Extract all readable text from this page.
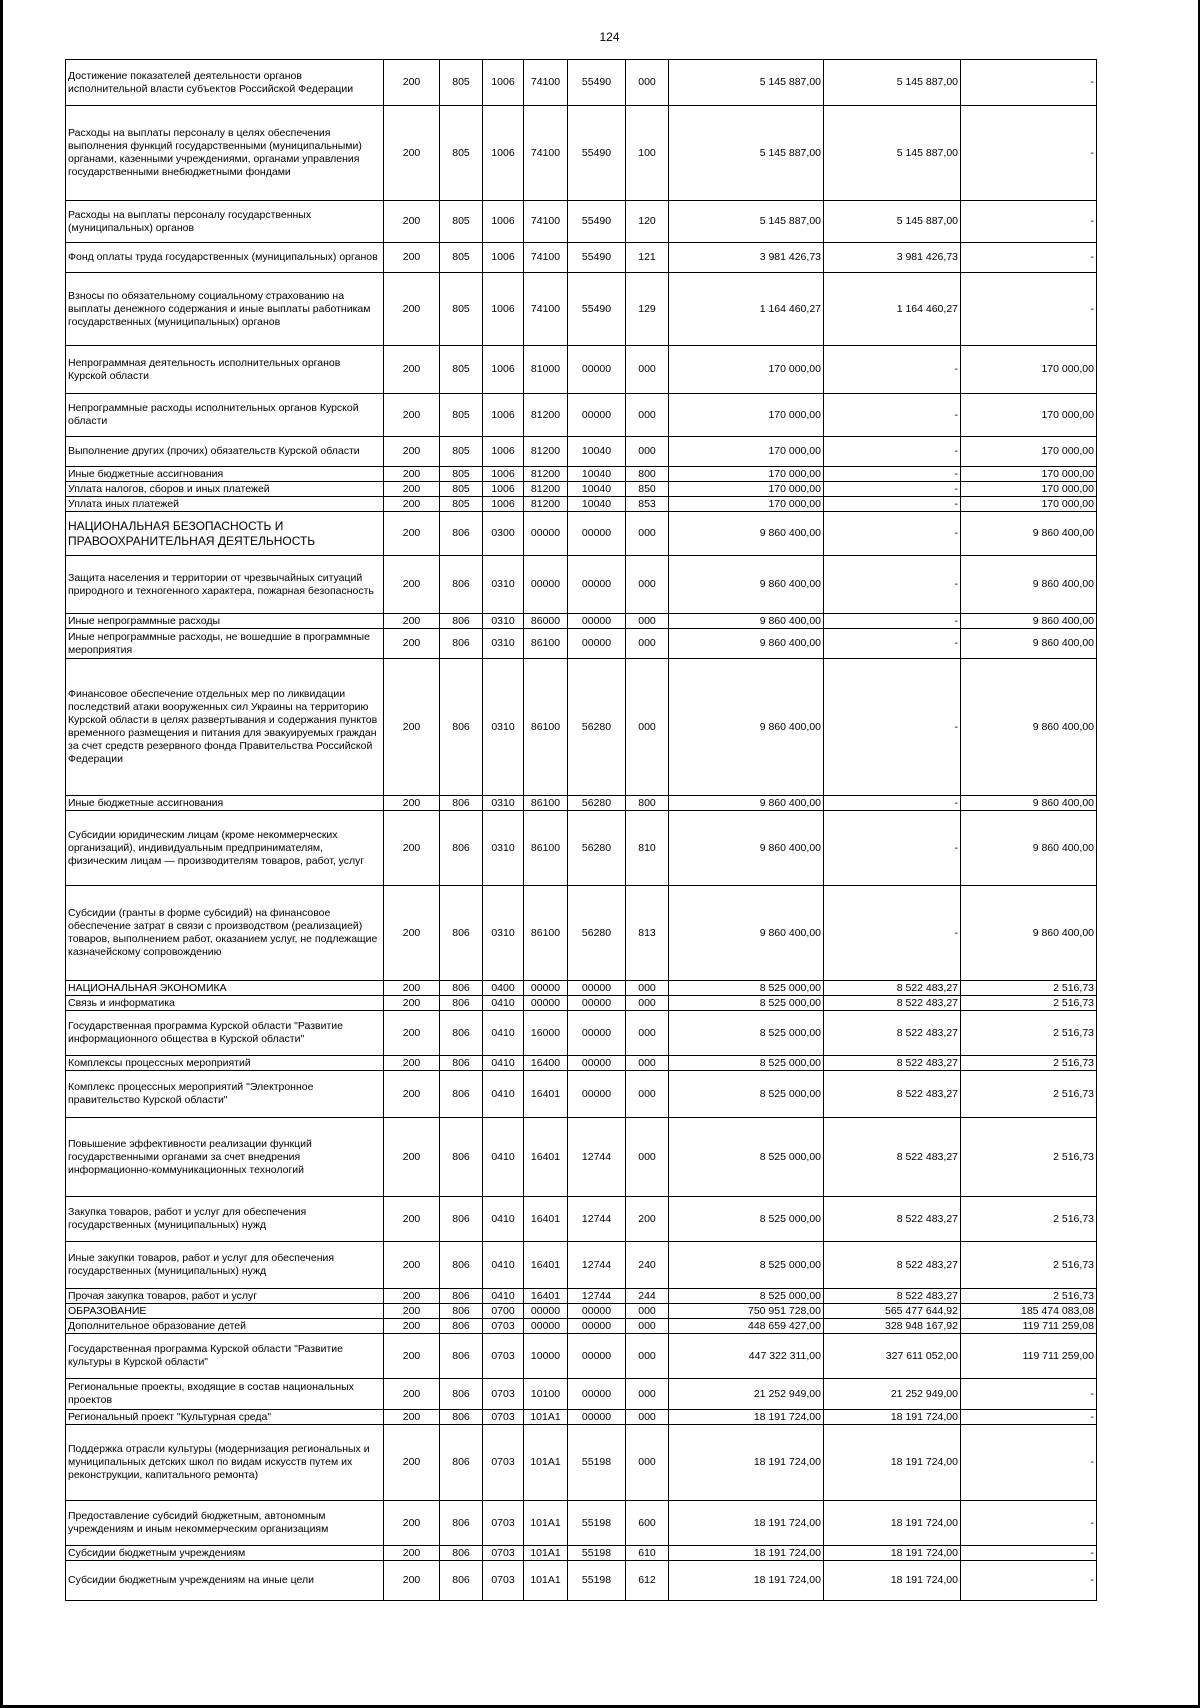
124
Достижение показателей деятельности органов исполнительной власти субъектов Российской Федерации	200	805	1006	74100	55490	000	5 145 887,00	5 145 887,00	-
Расходы на выплаты персоналу в целях обеспечения выполнения функций государственными (муниципальными) органами, казенными учреждениями, органами управления государственными внебюджетными фондами	200	805	1006	74100	55490	100	5 145 887,00	5 145 887,00	-
Расходы на выплаты персоналу государственных (муниципальных) органов	200	805	1006	74100	55490	120	5 145 887,00	5 145 887,00	-
Фонд оплаты труда государственных (муниципальных) органов	200	805	1006	74100	55490	121	3 981 426,73	3 981 426,73	-
Взносы по обязательному социальному страхованию на выплаты денежного содержания и иные выплаты работникам государственных (муниципальных) органов	200	805	1006	74100	55490	129	1 164 460,27	1 164 460,27	-
Непрограммная деятельность исполнительных органов Курской области	200	805	1006	81000	00000	000	170 000,00	-	170 000,00
Непрограммные расходы исполнительных органов Курской области	200	805	1006	81200	00000	000	170 000,00	-	170 000,00
Выполнение других (прочих) обязательств Курской области	200	805	1006	81200	10040	000	170 000,00	-	170 000,00
Иные бюджетные ассигнования	200	805	1006	81200	10040	800	170 000,00	-	170 000,00
Уплата налогов, сборов и иных платежей	200	805	1006	81200	10040	850	170 000,00	-	170 000,00
Уплата иных платежей	200	805	1006	81200	10040	853	170 000,00	-	170 000,00
НАЦИОНАЛЬНАЯ БЕЗОПАСНОСТЬ И ПРАВООХРАНИТЕЛЬНАЯ ДЕЯТЕЛЬНОСТЬ	200	806	0300	00000	00000	000	9 860 400,00	-	9 860 400,00
Защита населения и территории от чрезвычайных ситуаций природного и техногенного характера, пожарная безопасность	200	806	0310	00000	00000	000	9 860 400,00	-	9 860 400,00
Иные непрограммные расходы	200	806	0310	86000	00000	000	9 860 400,00	-	9 860 400,00
Иные непрограммные расходы, не вошедшие в программные мероприятия	200	806	0310	86100	00000	000	9 860 400,00	-	9 860 400,00
Финансовое обеспечение отдельных мер по ликвидации последствий атаки вооруженных сил Украины на территорию Курской области в целях развертывания и содержания пунктов временного размещения и питания для эвакуируемых граждан за счет средств резервного фонда Правительства Российской Федерации	200	806	0310	86100	56280	000	9 860 400,00	-	9 860 400,00
Иные бюджетные ассигнования	200	806	0310	86100	56280	800	9 860 400,00	-	9 860 400,00
Субсидии юридическим лицам (кроме некоммерческих организаций), индивидуальным предпринимателям, физическим лицам — производителям товаров, работ, услуг	200	806	0310	86100	56280	810	9 860 400,00	-	9 860 400,00
Субсидии (гранты в форме субсидий) на финансовое обеспечение затрат в связи с производством (реализацией) товаров, выполнением работ, оказанием услуг, не подлежащие казначейскому сопровождению	200	806	0310	86100	56280	813	9 860 400,00	-	9 860 400,00
НАЦИОНАЛЬНАЯ ЭКОНОМИКА	200	806	0400	00000	00000	000	8 525 000,00	8 522 483,27	2 516,73
Связь и информатика	200	806	0410	00000	00000	000	8 525 000,00	8 522 483,27	2 516,73
Государственная программа Курской области "Развитие информационного общества в Курской области"	200	806	0410	16000	00000	000	8 525 000,00	8 522 483,27	2 516,73
Комплексы процессных мероприятий	200	806	0410	16400	00000	000	8 525 000,00	8 522 483,27	2 516,73
Комплекс процессных мероприятий "Электронное правительство Курской области"	200	806	0410	16401	00000	000	8 525 000,00	8 522 483,27	2 516,73
Повышение эффективности реализации функций государственными органами за счет внедрения информационно-коммуникационных технологий	200	806	0410	16401	12744	000	8 525 000,00	8 522 483,27	2 516,73
Закупка товаров, работ и услуг для обеспечения государственных (муниципальных) нужд	200	806	0410	16401	12744	200	8 525 000,00	8 522 483,27	2 516,73
Иные закупки товаров, работ и услуг для обеспечения государственных (муниципальных) нужд	200	806	0410	16401	12744	240	8 525 000,00	8 522 483,27	2 516,73
Прочая закупка товаров, работ и услуг	200	806	0410	16401	12744	244	8 525 000,00	8 522 483,27	2 516,73
ОБРАЗОВАНИЕ	200	806	0700	00000	00000	000	750 951 728,00	565 477 644,92	185 474 083,08
Дополнительное образование детей	200	806	0703	00000	00000	000	448 659 427,00	328 948 167,92	119 711 259,08
Государственная программа Курской области "Развитие культуры в Курской области"	200	806	0703	10000	00000	000	447 322 311,00	327 611 052,00	119 711 259,00
Региональные проекты, входящие в состав национальных проектов	200	806	0703	10100	00000	000	21 252 949,00	21 252 949,00	-
Региональный проект "Культурная среда"	200	806	0703	101A1	00000	000	18 191 724,00	18 191 724,00	-
Поддержка отрасли культуры (модернизация региональных и муниципальных детских школ по видам искусств путем их реконструкции, капитального ремонта)	200	806	0703	101A1	55198	000	18 191 724,00	18 191 724,00	-
Предоставление субсидий бюджетным, автономным учреждениям и иным некоммерческим организациям	200	806	0703	101A1	55198	600	18 191 724,00	18 191 724,00	-
Субсидии бюджетным учреждениям	200	806	0703	101A1	55198	610	18 191 724,00	18 191 724,00	-
Субсидии бюджетным учреждениям на иные цели	200	806	0703	101A1	55198	612	18 191 724,00	18 191 724,00	-
